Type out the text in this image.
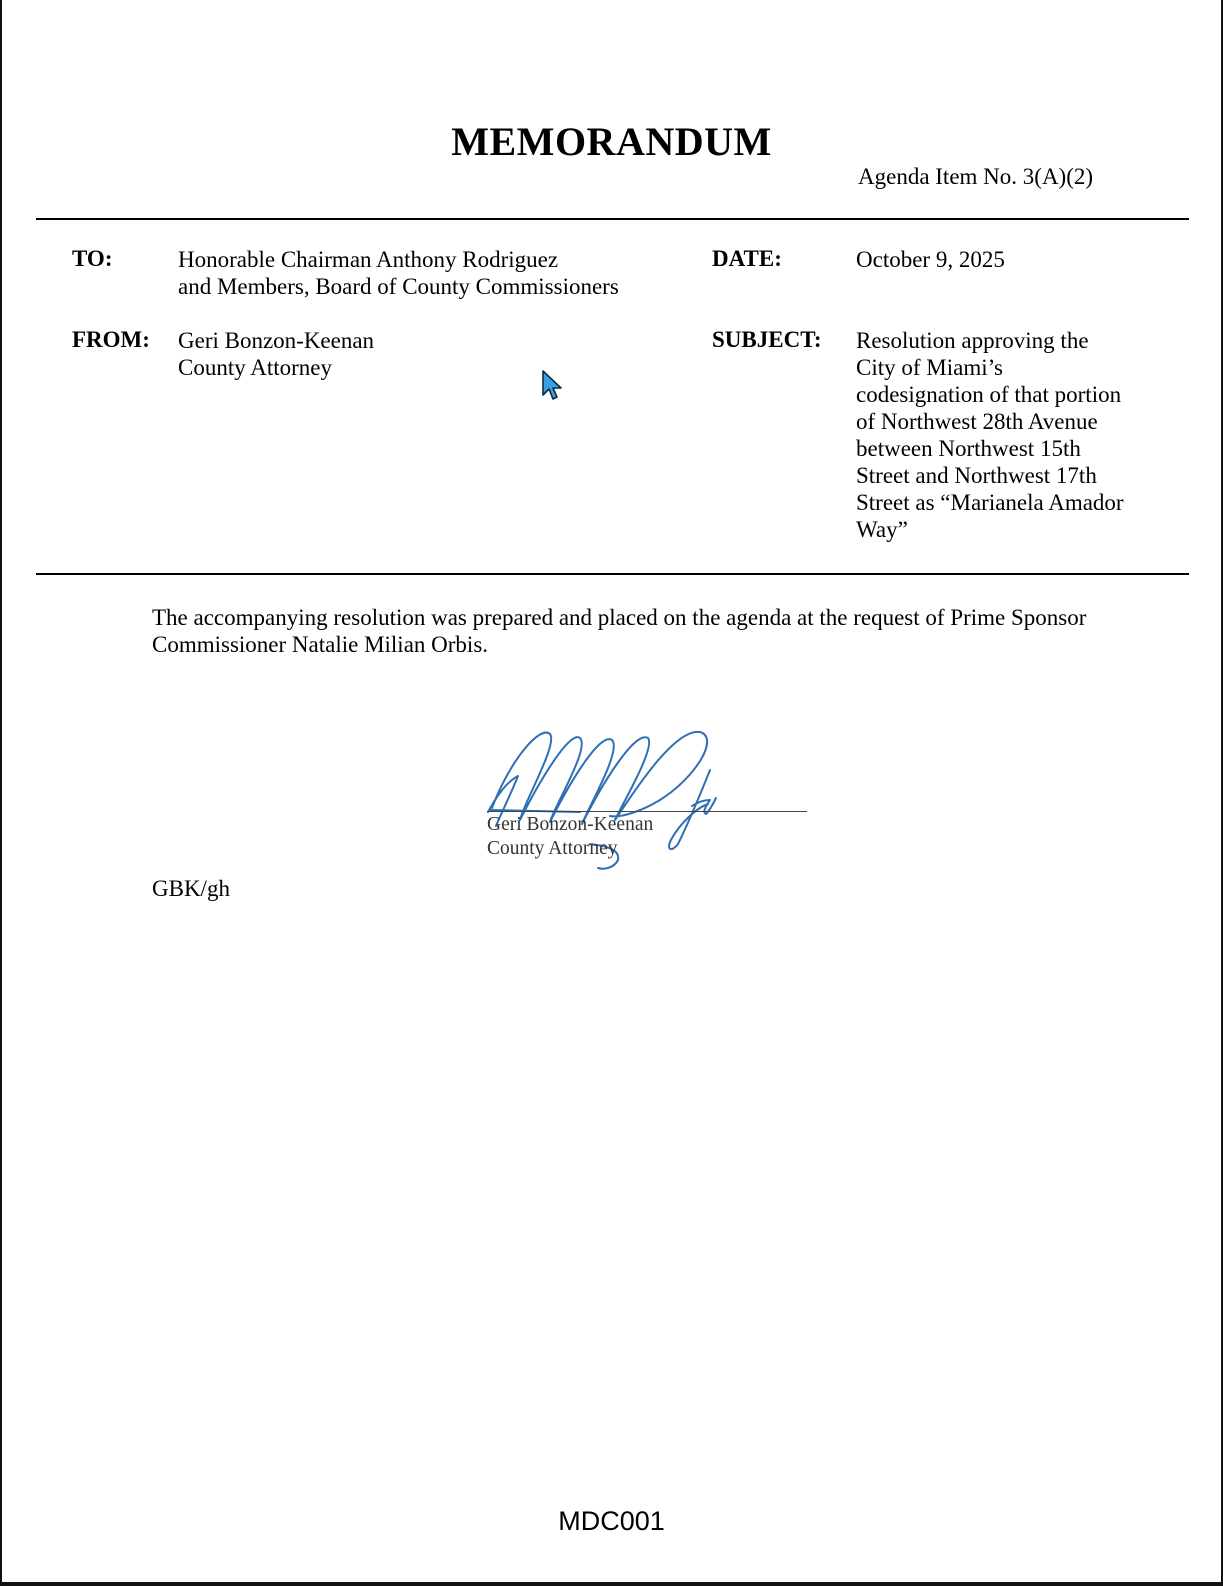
MEMORANDUM
Agenda Item No. 3(A)(2)
TO:	Honorable Chairman Anthony Rodriguez
and Members, Board of County Commissioners
DATE:	October 9, 2025
FROM: Geri Bonzon-Keenan
County Attorney
SUBJECT: Resolution approving the
City of Miami’s
codesignation of that portion
of Northwest 28th Avenue
between Northwest 15th
Street and Northwest 17th
Street as “Marianela Amador
Way”
The accompanying resolution was prepared and placed on the agenda at the request of Prime Sponsor
Commissioner Natalie Milian Orbis.
Geri Bonzon-Keenan
County Attorney
GBK/gh
MDC001
